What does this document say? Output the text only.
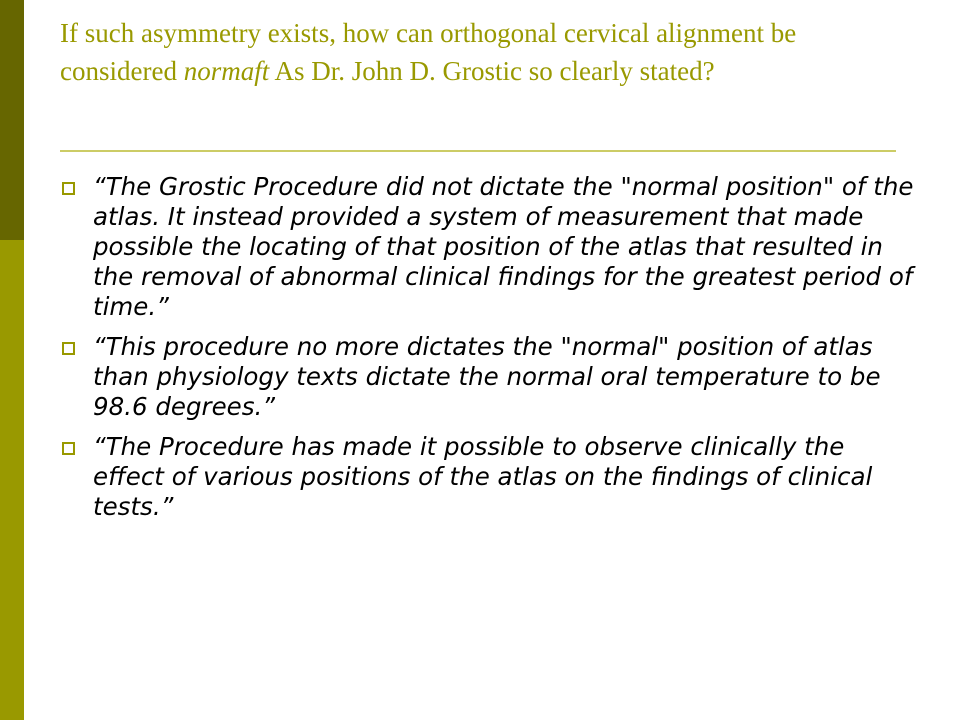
If such asymmetry exists, how can orthogonal cervical alignment be considered normaft As Dr. John D. Grostic so clearly stated?
“The Grostic Procedure did not dictate the "normal position" of the atlas. It instead provided a system of measurement that made possible the locating of that position of the atlas that resulted in the removal of abnormal clinical findings for the greatest period of time.”
“This procedure no more dictates the "normal" position of atlas than physiology texts dictate the normal oral temperature to be 98.6 degrees.”
“The Procedure has made it possible to observe clinically the effect of various positions of the atlas on the findings of clinical tests.”
